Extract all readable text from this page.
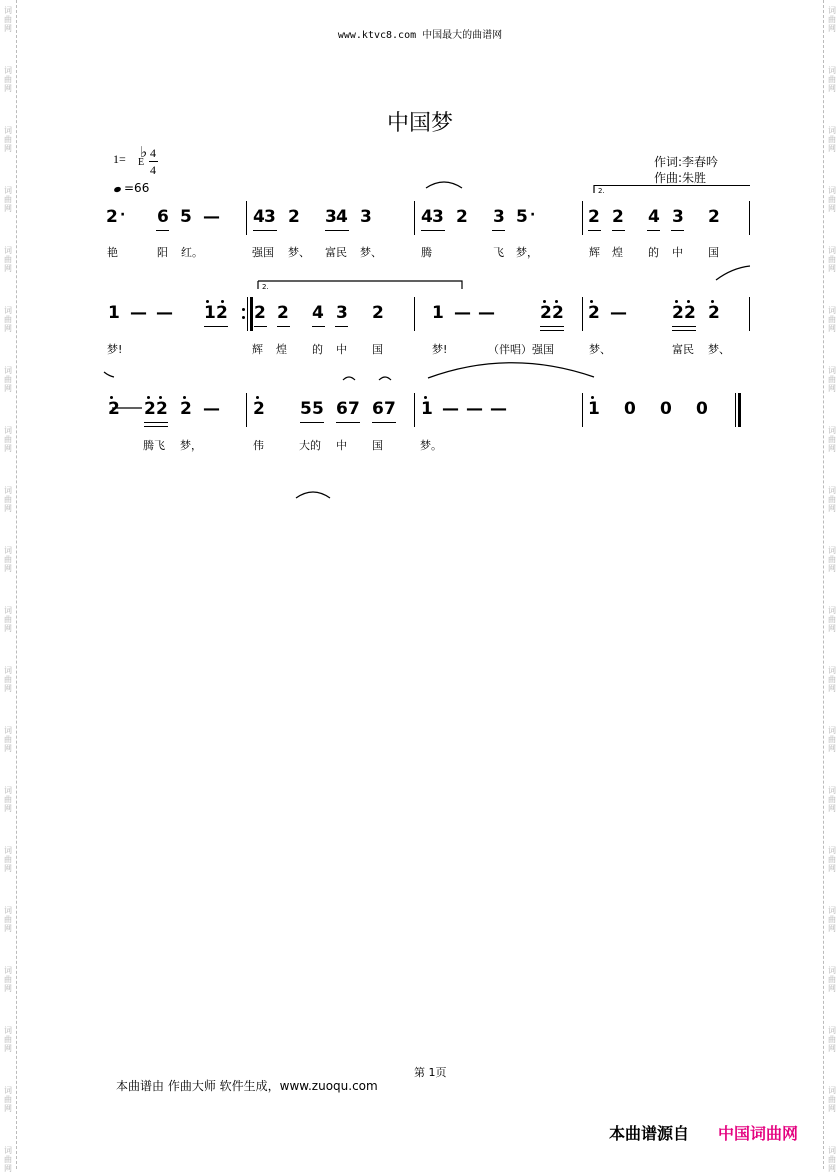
词
曲
网
词
曲
网
词
曲
网
词
曲
网
词
曲
网
词
曲
网
词
曲
网
词
曲
网
词
曲
网
词
曲
网
词
曲
网
词
曲
网
词
曲
网
词
曲
网
词
曲
网
词
曲
网
词
曲
网
词
曲
网
词
曲
网
词
曲
网
词
曲
网
词
曲
网
词
曲
网
词
曲
网
词
曲
网
词
曲
网
词
曲
网
词
曲
网
词
曲
网
词
曲
网
词
曲
网
词
曲
网
词
曲
网
词
曲
网
词
曲
网
词
曲
网
词
曲
网
词
曲
网
词
曲
网
词
曲
网
www.ktvc8.com 中国最大的曲谱网
中国梦
1= ♭
E
4
4
=66
作词:李春吟
作曲:朱胜
2 · 6 5 — 4 3 2 3 4 3	4 3 2 3 5 ·	2 2 4 3 2
艳	阳 红。	强国 梦、 富民 梦、	腾	飞 梦，	辉 煌 的 中 国
1 — — 1 2 2 2 4 3 2	1 — —	2 2 2 —	2 2 2
梦!	辉 煌 的 中 国	梦!	（伴唱）强国	梦、	富民 梦、
2 2 2 2 — 2 5 5 6 7 6 7 1 — — —	1 0 0 0
腾飞 梦，	伟	大的 中 国	梦。
2.
2.
第 1页
本曲谱由 作曲大师 软件生成，www.zuoqu.com
本曲谱源自 中国词曲网
